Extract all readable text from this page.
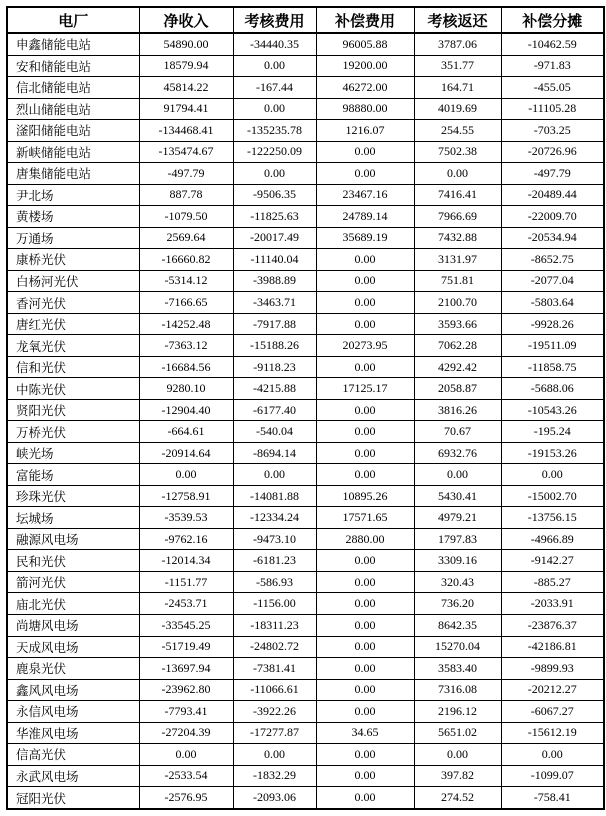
电厂	净收入	考核费用	补偿费用	考核返还	补偿分摊
申鑫储能电站	54890.00	-34440.35	96005.88	3787.06	-10462.59
安和储能电站	18579.94	0.00	19200.00	351.77	-971.83
信北储能电站	45814.22	-167.44	46272.00	164.71	-455.05
烈山储能电站	91794.41	0.00	98880.00	4019.69	-11105.28
滏阳储能电站	-134468.41	-135235.78	1216.07	254.55	-703.25
新峡储能电站	-135474.67	-122250.09	0.00	7502.38	-20726.96
唐集储能电站	-497.79	0.00	0.00	0.00	-497.79
尹北场	887.78	-9506.35	23467.16	7416.41	-20489.44
黄楼场	-1079.50	-11825.63	24789.14	7966.69	-22009.70
万通场	2569.64	-20017.49	35689.19	7432.88	-20534.94
康桥光伏	-16660.82	-11140.04	0.00	3131.97	-8652.75
白杨河光伏	-5314.12	-3988.89	0.00	751.81	-2077.04
香河光伏	-7166.65	-3463.71	0.00	2100.70	-5803.64
唐红光伏	-14252.48	-7917.88	0.00	3593.66	-9928.26
龙氧光伏	-7363.12	-15188.26	20273.95	7062.28	-19511.09
信和光伏	-16684.56	-9118.23	0.00	4292.42	-11858.75
中陈光伏	9280.10	-4215.88	17125.17	2058.87	-5688.06
贤阳光伏	-12904.40	-6177.40	0.00	3816.26	-10543.26
万桥光伏	-664.61	-540.04	0.00	70.67	-195.24
峡光场	-20914.64	-8694.14	0.00	6932.76	-19153.26
富能场	0.00	0.00	0.00	0.00	0.00
珍珠光伏	-12758.91	-14081.88	10895.26	5430.41	-15002.70
坛城场	-3539.53	-12334.24	17571.65	4979.21	-13756.15
融源风电场	-9762.16	-9473.10	2880.00	1797.83	-4966.89
民和光伏	-12014.34	-6181.23	0.00	3309.16	-9142.27
箭河光伏	-1151.77	-586.93	0.00	320.43	-885.27
庙北光伏	-2453.71	-1156.00	0.00	736.20	-2033.91
尚塘风电场	-33545.25	-18311.23	0.00	8642.35	-23876.37
天成风电场	-51719.49	-24802.72	0.00	15270.04	-42186.81
鹿泉光伏	-13697.94	-7381.41	0.00	3583.40	-9899.93
鑫风风电场	-23962.80	-11066.61	0.00	7316.08	-20212.27
永信风电场	-7793.41	-3922.26	0.00	2196.12	-6067.27
华淮风电场	-27204.39	-17277.87	34.65	5651.02	-15612.19
信高光伏	0.00	0.00	0.00	0.00	0.00
永武风电场	-2533.54	-1832.29	0.00	397.82	-1099.07
冠阳光伏	-2576.95	-2093.06	0.00	274.52	-758.41
